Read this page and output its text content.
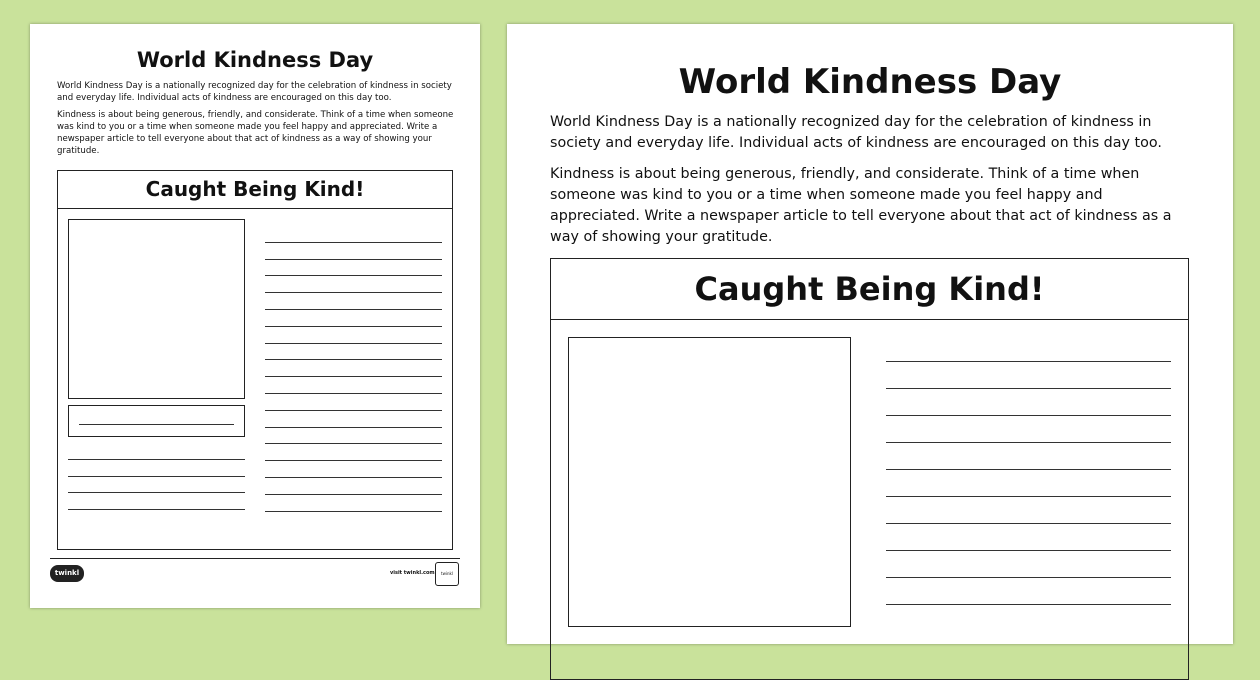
World Kindness Day

World Kindness Day is a nationally recognized day for the celebration of kindness in society and everyday life. Individual acts of kindness are encouraged on this day too.

Kindness is about being generous, friendly, and considerate. Think of a time when someone was kind to you or a time when someone made you feel happy and appreciated. Write a newspaper article to tell everyone about that act of kindness as a way of showing your gratitude.

Caught Being Kind!
twinkl	visit twinkl.com	twinkl
World Kindness Day

World Kindness Day is a nationally recognized day for the celebration of kindness in society and everyday life. Individual acts of kindness are encouraged on this day too.

Kindness is about being generous, friendly, and considerate. Think of a time when someone was kind to you or a time when someone made you feel happy and appreciated. Write a newspaper article to tell everyone about that act of kindness as a way of showing your gratitude.

Caught Being Kind!
